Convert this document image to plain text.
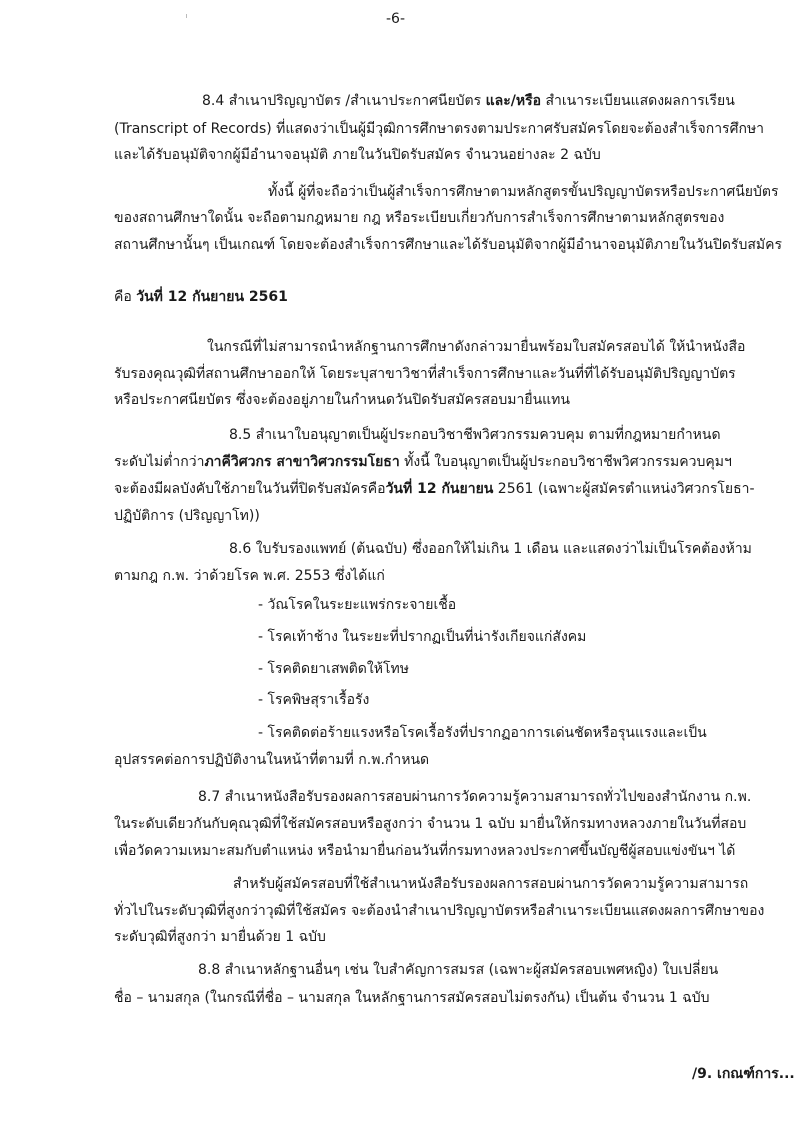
-6-
8.4 สำเนาปริญญาบัตร /สำเนาประกาศนียบัตร และ/หรือ สำเนาระเบียนแสดงผลการเรียน
(Transcript of Records) ที่แสดงว่าเป็นผู้มีวุฒิการศึกษาตรงตามประกาศรับสมัครโดยจะต้องสำเร็จการศึกษา
และได้รับอนุมัติจากผู้มีอำนาจอนุมัติ ภายในวันปิดรับสมัคร จำนวนอย่างละ 2 ฉบับ
ทั้งนี้ ผู้ที่จะถือว่าเป็นผู้สำเร็จการศึกษาตามหลักสูตรขั้นปริญญาบัตรหรือประกาศนียบัตร
ของสถานศึกษาใดนั้น จะถือตามกฎหมาย กฎ หรือระเบียบเกี่ยวกับการสำเร็จการศึกษาตามหลักสูตรของ
สถานศึกษานั้นๆ เป็นเกณฑ์ โดยจะต้องสำเร็จการศึกษาและได้รับอนุมัติจากผู้มีอำนาจอนุมัติภายในวันปิดรับสมัคร
คือ วันที่ 12 กันยายน 2561
ในกรณีที่ไม่สามารถนำหลักฐานการศึกษาดังกล่าวมายื่นพร้อมใบสมัครสอบได้ ให้นำหนังสือ
รับรองคุณวุฒิที่สถานศึกษาออกให้ โดยระบุสาขาวิชาที่สำเร็จการศึกษาและวันที่ที่ได้รับอนุมัติปริญญาบัตร
หรือประกาศนียบัตร ซึ่งจะต้องอยู่ภายในกำหนดวันปิดรับสมัครสอบมายื่นแทน
8.5 สำเนาใบอนุญาตเป็นผู้ประกอบวิชาชีพวิศวกรรมควบคุม ตามที่กฎหมายกำหนด
ระดับไม่ต่ำกว่าภาคีวิศวกร สาขาวิศวกรรมโยธา ทั้งนี้ ใบอนุญาตเป็นผู้ประกอบวิชาชีพวิศวกรรมควบคุมฯ
จะต้องมีผลบังคับใช้ภายในวันที่ปิดรับสมัครคือวันที่ 12 กันยายน 2561 (เฉพาะผู้สมัครตำแหน่งวิศวกรโยธา-
ปฏิบัติการ (ปริญญาโท))
8.6 ใบรับรองแพทย์ (ต้นฉบับ) ซึ่งออกให้ไม่เกิน 1 เดือน และแสดงว่าไม่เป็นโรคต้องห้าม
ตามกฎ ก.พ. ว่าด้วยโรค พ.ศ. 2553 ซึ่งได้แก่
- วัณโรคในระยะแพร่กระจายเชื้อ
- โรคเท้าช้าง ในระยะที่ปรากฏเป็นที่น่ารังเกียจแก่สังคม
- โรคติดยาเสพติดให้โทษ
- โรคพิษสุราเรื้อรัง
- โรคติดต่อร้ายแรงหรือโรคเรื้อรังที่ปรากฏอาการเด่นชัดหรือรุนแรงและเป็น
อุปสรรคต่อการปฏิบัติงานในหน้าที่ตามที่ ก.พ.กำหนด
8.7 สำเนาหนังสือรับรองผลการสอบผ่านการวัดความรู้ความสามารถทั่วไปของสำนักงาน ก.พ.
ในระดับเดียวกันกับคุณวุฒิที่ใช้สมัครสอบหรือสูงกว่า จำนวน 1 ฉบับ มายื่นให้กรมทางหลวงภายในวันที่สอบ
เพื่อวัดความเหมาะสมกับตำแหน่ง หรือนำมายื่นก่อนวันที่กรมทางหลวงประกาศขึ้นบัญชีผู้สอบแข่งขันฯ ได้
สำหรับผู้สมัครสอบที่ใช้สำเนาหนังสือรับรองผลการสอบผ่านการวัดความรู้ความสามารถ
ทั่วไปในระดับวุฒิที่สูงกว่าวุฒิที่ใช้สมัคร จะต้องนำสำเนาปริญญาบัตรหรือสำเนาระเบียนแสดงผลการศึกษาของ
ระดับวุฒิที่สูงกว่า มายื่นด้วย 1 ฉบับ
8.8 สำเนาหลักฐานอื่นๆ เช่น ใบสำคัญการสมรส (เฉพาะผู้สมัครสอบเพศหญิง) ใบเปลี่ยน
ชื่อ – นามสกุล (ในกรณีที่ชื่อ – นามสกุล ในหลักฐานการสมัครสอบไม่ตรงกัน) เป็นต้น จำนวน 1 ฉบับ
/9. เกณฑ์การ...
